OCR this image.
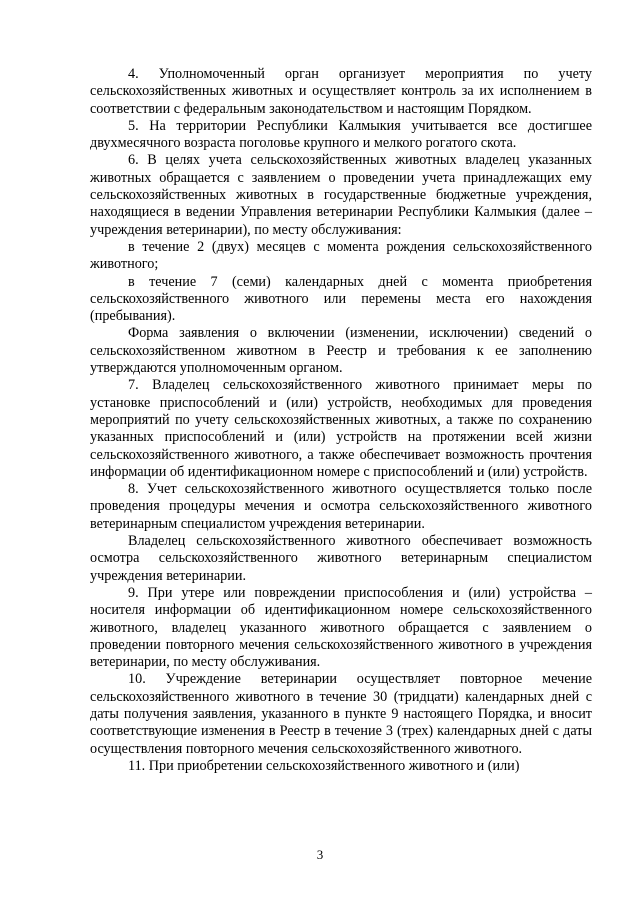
4. Уполномоченный орган организует мероприятия по учету сельскохозяйственных животных и осуществляет контроль за их исполнением в соответствии с федеральным законодательством и настоящим Порядком.

5. На территории Республики Калмыкия учитывается все достигшее двухмесячного возраста поголовье крупного и мелкого рогатого скота.

6. В целях учета сельскохозяйственных животных владелец указанных животных обращается с заявлением о проведении учета принадлежащих ему сельскохозяйственных животных в государственные бюджетные учреждения, находящиеся в ведении Управления ветеринарии Республики Калмыкия (далее – учреждения ветеринарии), по месту обслуживания:

в течение 2 (двух) месяцев с момента рождения сельскохозяйственного животного;

в течение 7 (семи) календарных дней с момента приобретения сельскохозяйственного животного или перемены места его нахождения (пребывания).

Форма заявления о включении (изменении, исключении) сведений о сельскохозяйственном животном в Реестр и требования к ее заполнению утверждаются уполномоченным органом.

7. Владелец сельскохозяйственного животного принимает меры по установке приспособлений и (или) устройств, необходимых для проведения мероприятий по учету сельскохозяйственных животных, а также по сохранению указанных приспособлений и (или) устройств на протяжении всей жизни сельскохозяйственного животного, а также обеспечивает возможность прочтения информации об идентификационном номере с приспособлений и (или) устройств.

8. Учет сельскохозяйственного животного осуществляется только после проведения процедуры мечения и осмотра сельскохозяйственного животного ветеринарным специалистом учреждения ветеринарии.

Владелец сельскохозяйственного животного обеспечивает возможность осмотра сельскохозяйственного животного ветеринарным специалистом учреждения ветеринарии.

9. При утере или повреждении приспособления и (или) устройства – носителя информации об идентификационном номере сельскохозяйственного животного, владелец указанного животного обращается с заявлением о проведении повторного мечения сельскохозяйственного животного в учреждения ветеринарии, по месту обслуживания.

10. Учреждение ветеринарии осуществляет повторное мечение сельскохозяйственного животного в течение 30 (тридцати) календарных дней с даты получения заявления, указанного в пункте 9 настоящего Порядка, и вносит соответствующие изменения в Реестр в течение 3 (трех) календарных дней с даты осуществления повторного мечения сельскохозяйственного животного.

11. При приобретении сельскохозяйственного животного и (или)

3
